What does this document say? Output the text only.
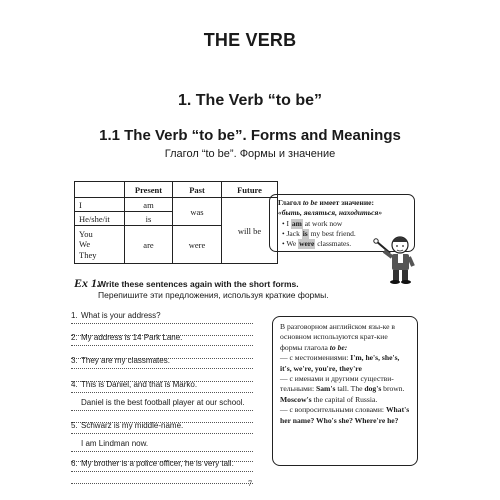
THE VERB
1. The Verb “to be”
1.1 The Verb “to be”. Forms and Meanings
Глагол “to be”. Формы и значение
	Present	Past	Future
I	am	was	will be
He/she/it	is		

You
We
They	are	were	
Глагол to be имеет значение:
«быть, являться, находиться»
• I am at work now
• Jack is my best friend.
• We were classmates.
Ex 1.
Write these sentences again with the short forms.
Перепишите эти предложения, используя краткие формы.
1. What is your address?
2. My address is 14 Park Lane.
3. They are my classmates.
4. This is Daniel, and that is Marko.
Daniel is the best football player at our school.
5. Schwarz is my middle-name.
I am Lindman now.
6. My brother is a police officer, he is very tall.
В разговорном английском язы-ке в основном используются крат-кие формы глагола to be:
— с местоимениями: I'm, he's, she's, it's, we're, you're, they're
— с именами и другими существи-тельными: Sam's tall. The dog's brown. Moscow's the capital of Russia.
— с вопросительными словами: What's her name? Who's she? Where're he?
7
